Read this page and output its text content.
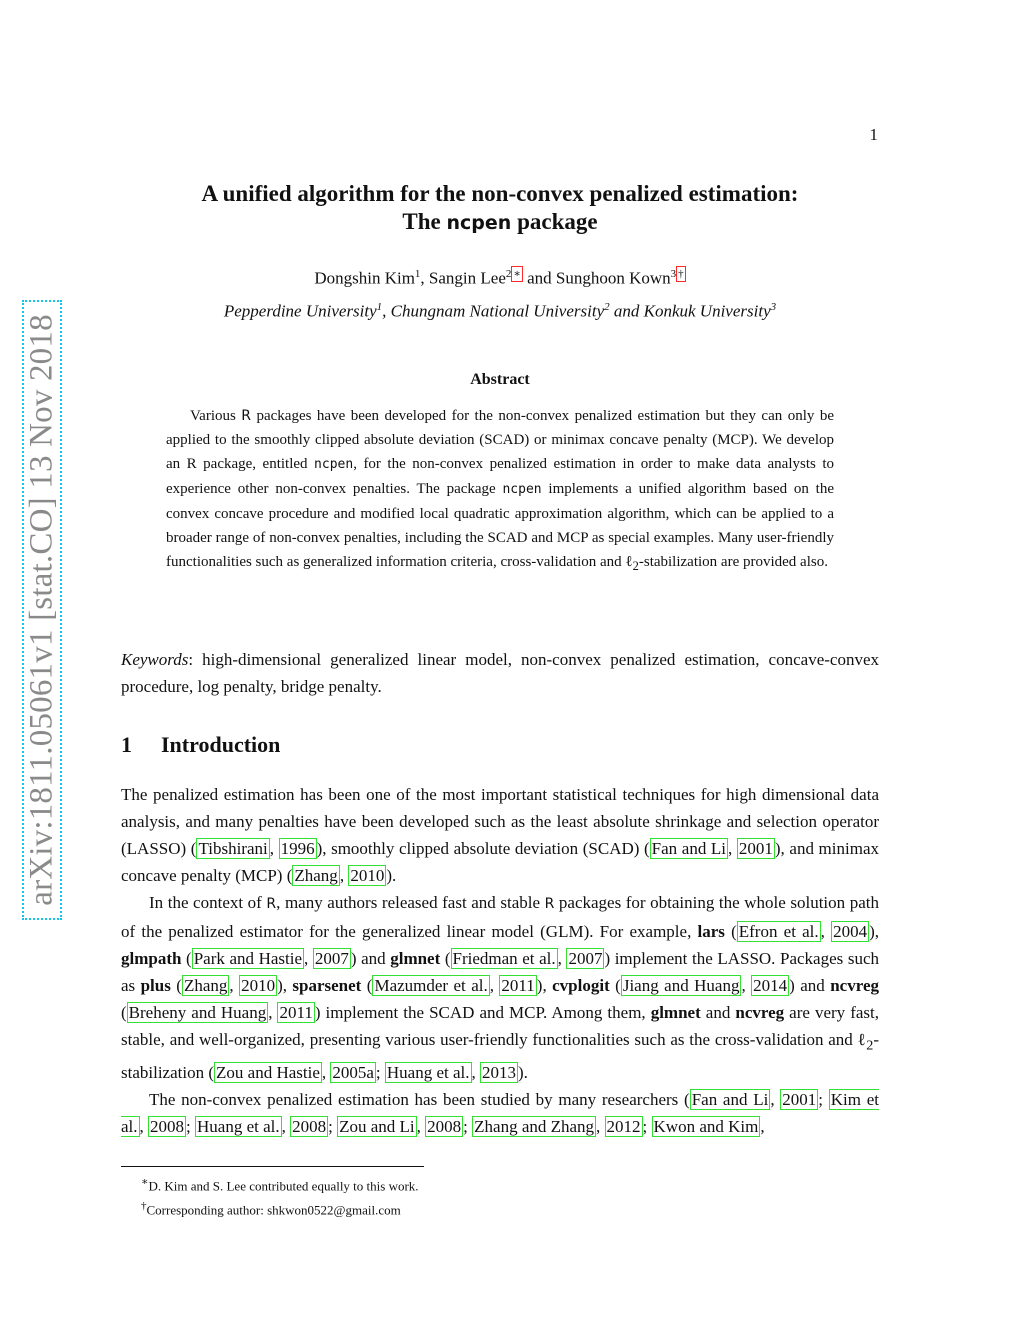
1
arXiv:1811.05061v1 [stat.CO] 13 Nov 2018
A unified algorithm for the non-convex penalized estimation:
The ncpen package
Dongshin Kim$^1$, Sangin Lee$^2$ ∗ and Sunghoon Kown$^3$ †
Pepperdine University$^1$, Chungnam National University$^2$ and Konkuk University$^3$
Abstract

Various R packages have been developed for the non-convex penalized estimation but they can only be applied to the smoothly clipped absolute deviation (SCAD) or minimax concave penalty (MCP). We develop an R package, entitled ncpen, for the non-convex penalized estimation in order to make data analysts to experience other non-convex penalties. The package ncpen implements a unified algorithm based on the convex concave procedure and modified local quadratic approximation algorithm, which can be applied to a broader range of non-convex penalties, including the SCAD and MCP as special examples. Many user-friendly functionalities such as generalized information criteria, cross-validation and ℓ$_2$-stabilization are provided also.

Keywords: high-dimensional generalized linear model, non-convex penalized estimation, concave-convex procedure, log penalty, bridge penalty.
1 Introduction

The penalized estimation has been one of the most important statistical techniques for high dimensional data analysis, and many penalties have been developed such as the least absolute shrinkage and selection operator (LASSO) ( Tibshirani , 1996 ), smoothly clipped absolute deviation (SCAD) ( Fan and Li , 2001 ), and minimax concave penalty (MCP) ( Zhang , 2010 ).

In the context of R, many authors released fast and stable R packages for obtaining the whole solution path of the penalized estimator for the generalized linear model (GLM). For example, lars ( Efron et al. , 2004 ), glmpath ( Park and Hastie , 2007 ) and glmnet ( Friedman et al. , 2007 ) implement the LASSO. Packages such as plus ( Zhang , 2010 ), sparsenet ( Mazumder et al. , 2011 ), cvplogit ( Jiang and Huang , 2014 ) and ncvreg ( Breheny and Huang , 2011 ) implement the SCAD and MCP. Among them, glmnet and ncvreg are very fast, stable, and well-organized, presenting various user-friendly functionalities such as the cross-validation and ℓ$_2$-stabilization ( Zou and Hastie , 2005a ; Huang et al. , 2013 ).

The non-convex penalized estimation has been studied by many researchers ( Fan and Li , 2001 ; Kim et al. , 2008 ; Huang et al. , 2008 ; Zou and Li , 2008 ; Zhang and Zhang , 2012 ; Kwon and Kim ,

∗D. Kim and S. Lee contributed equally to this work.
†Corresponding author: shkwon0522@gmail.com
